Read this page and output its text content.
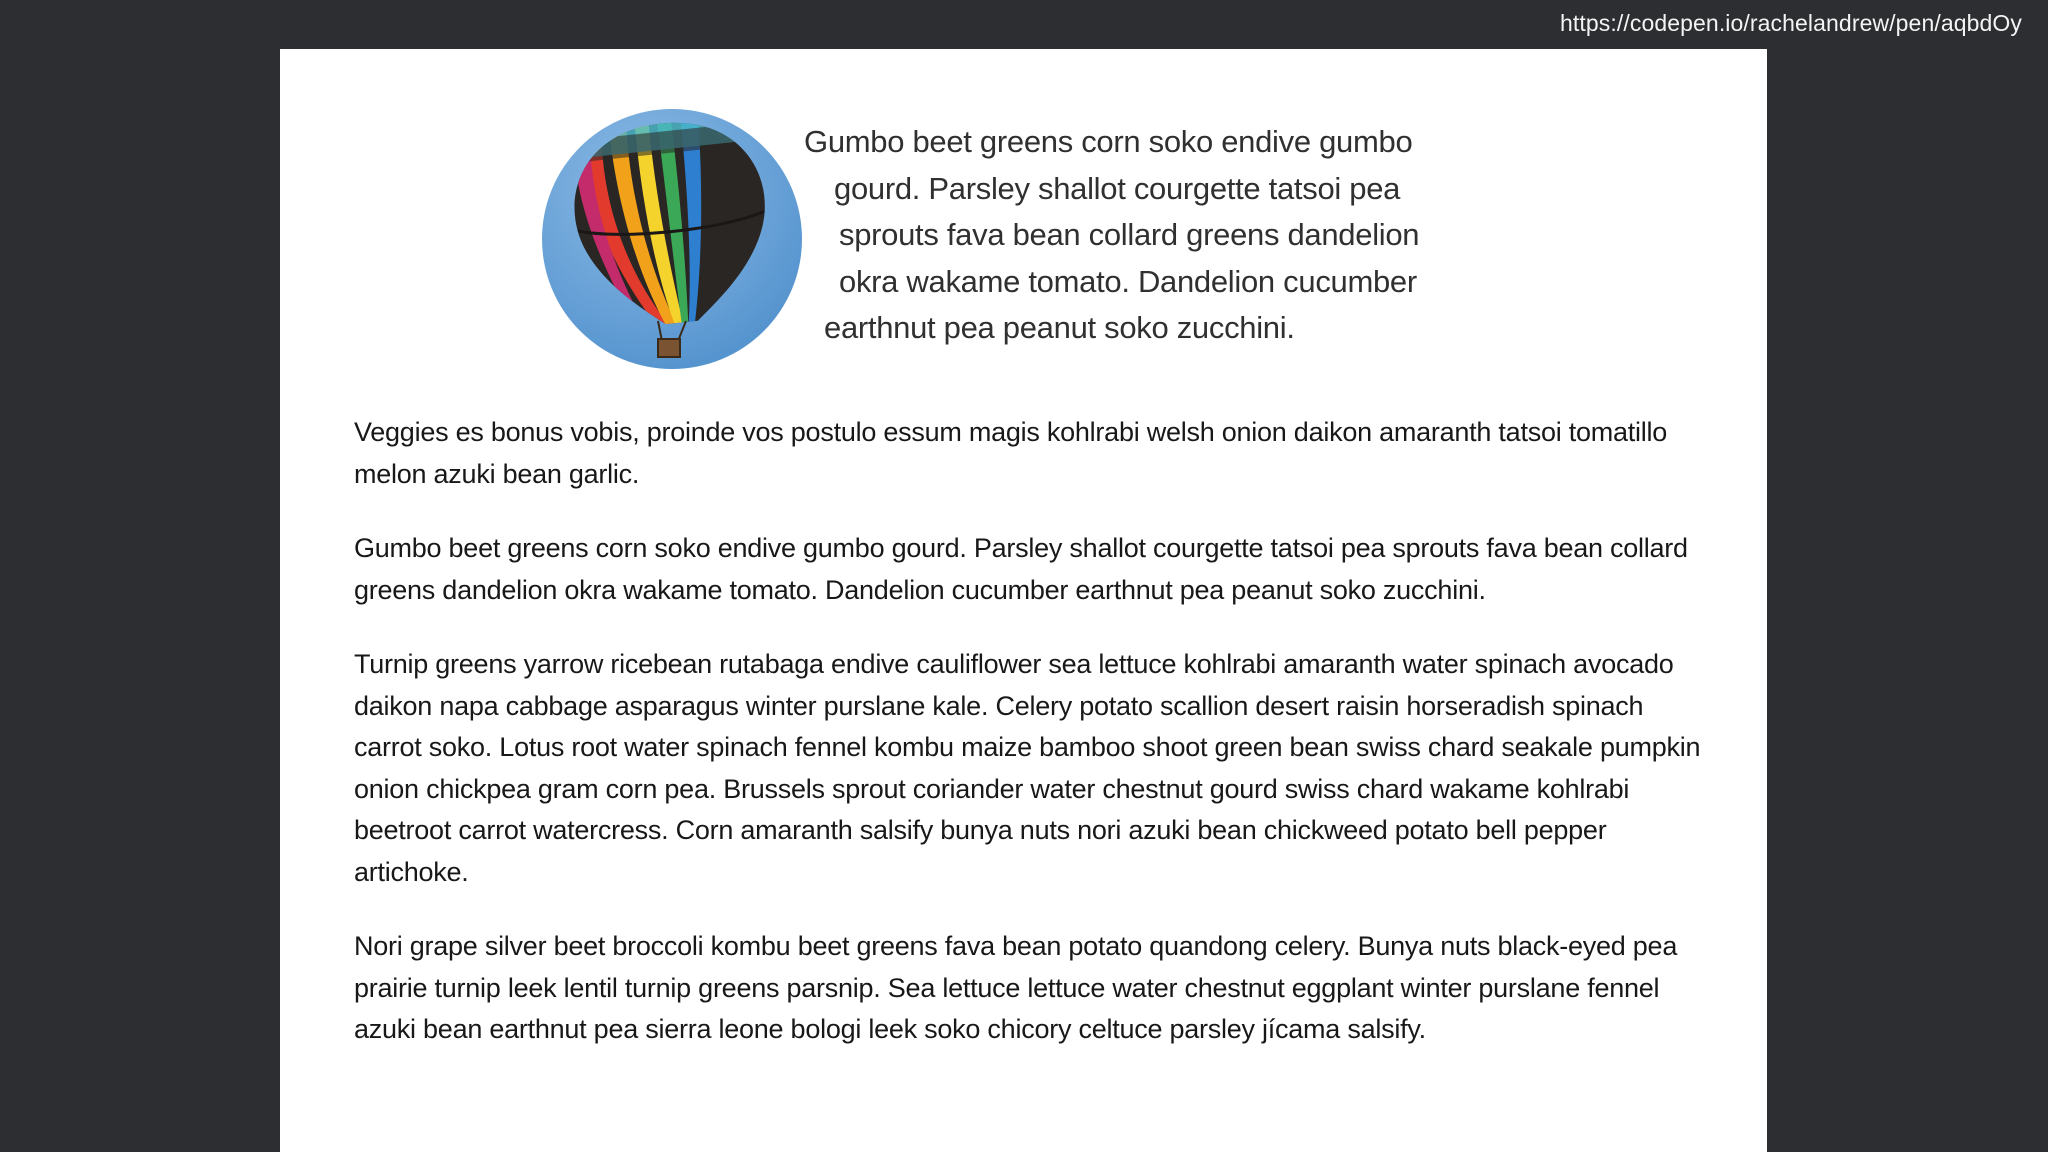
https://codepen.io/rachelandrew/pen/aqbdOy

Gumbo beet greens corn soko endive gumbo
gourd. Parsley shallot courgette tatsoi pea
sprouts fava bean collard greens dandelion
okra wakame tomato. Dandelion cucumber
earthnut pea peanut soko zucchini.

Veggies es bonus vobis, proinde vos postulo essum magis kohlrabi welsh onion daikon amaranth tatsoi tomatillo melon azuki bean garlic.

Gumbo beet greens corn soko endive gumbo gourd. Parsley shallot courgette tatsoi pea sprouts fava bean collard greens dandelion okra wakame tomato. Dandelion cucumber earthnut pea peanut soko zucchini.

Turnip greens yarrow ricebean rutabaga endive cauliflower sea lettuce kohlrabi amaranth water spinach avocado daikon napa cabbage asparagus winter purslane kale. Celery potato scallion desert raisin horseradish spinach carrot soko. Lotus root water spinach fennel kombu maize bamboo shoot green bean swiss chard seakale pumpkin onion chickpea gram corn pea. Brussels sprout coriander water chestnut gourd swiss chard wakame kohlrabi beetroot carrot watercress. Corn amaranth salsify bunya nuts nori azuki bean chickweed potato bell pepper artichoke.

Nori grape silver beet broccoli kombu beet greens fava bean potato quandong celery. Bunya nuts black-eyed pea prairie turnip leek lentil turnip greens parsnip. Sea lettuce lettuce water chestnut eggplant winter purslane fennel azuki bean earthnut pea sierra leone bologi leek soko chicory celtuce parsley jícama salsify.
